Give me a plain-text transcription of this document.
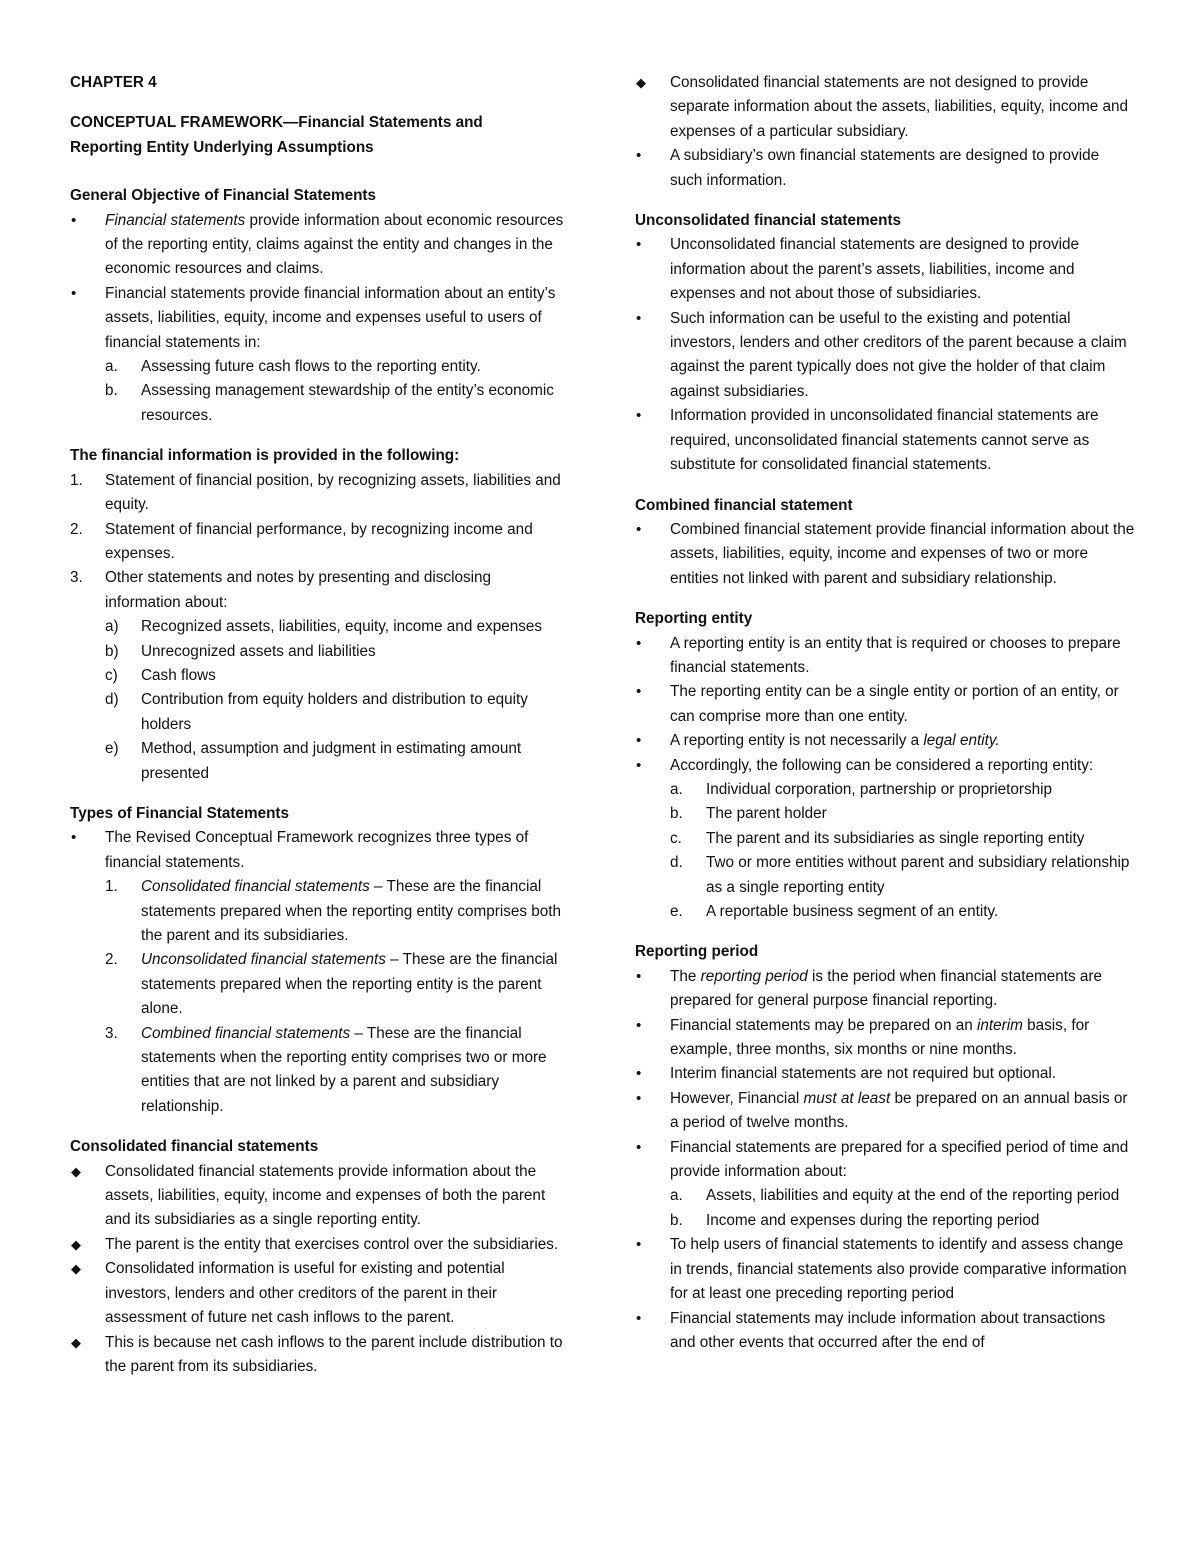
CHAPTER 4

CONCEPTUAL FRAMEWORK—Financial Statements and

Reporting Entity Underlying Assumptions

General Objective of Financial Statements

• Financial statements provide information about economic resources of the reporting entity, claims against the entity and changes in the economic resources and claims.
• Financial statements provide financial information about an entity’s assets, liabilities, equity, income and expenses useful to users of financial statements in:
a.	Assessing future cash flows to the reporting entity.
b.	Assessing management stewardship of the entity’s economic resources.

The financial information is provided in the following:

1.	Statement of financial position, by recognizing assets, liabilities and equity.
2.	Statement of financial performance, by recognizing income and expenses.
3.	Other statements and notes by presenting and disclosing information about:
a)	Recognized assets, liabilities, equity, income and expenses
b)	Unrecognized assets and liabilities
c)	Cash flows
d)	Contribution from equity holders and distribution to equity holders
e)	Method, assumption and judgment in estimating amount presented

Types of Financial Statements

• The Revised Conceptual Framework recognizes three types of financial statements.
1.	Consolidated financial statements – These are the financial statements prepared when the reporting entity comprises both the parent and its subsidiaries.
2.	Unconsolidated financial statements – These are the financial statements prepared when the reporting entity is the parent alone.
3.	Combined financial statements – These are the financial statements when the reporting entity comprises two or more entities that are not linked by a parent and subsidiary relationship.

Consolidated financial statements

◆ Consolidated financial statements provide information about the assets, liabilities, equity, income and expenses of both the parent and its subsidiaries as a single reporting entity.
◆ The parent is the entity that exercises control over the subsidiaries.
◆ Consolidated information is useful for existing and potential investors, lenders and other creditors of the parent in their assessment of future net cash inflows to the parent.
◆ This is because net cash inflows to the parent include distribution to the parent from its subsidiaries.
◆ Consolidated financial statements are not designed to provide separate information about the assets, liabilities, equity, income and expenses of a particular subsidiary.
• A subsidiary’s own financial statements are designed to provide such information.

Unconsolidated financial statements

• Unconsolidated financial statements are designed to provide information about the parent’s assets, liabilities, income and expenses and not about those of subsidiaries.
• Such information can be useful to the existing and potential investors, lenders and other creditors of the parent because a claim against the parent typically does not give the holder of that claim against subsidiaries.
• Information provided in unconsolidated financial statements are required, unconsolidated financial statements cannot serve as substitute for consolidated financial statements.

Combined financial statement

• Combined financial statement provide financial information about the assets, liabilities, equity, income and expenses of two or more entities not linked with parent and subsidiary relationship.

Reporting entity

• A reporting entity is an entity that is required or chooses to prepare financial statements.
• The reporting entity can be a single entity or portion of an entity, or can comprise more than one entity.
• A reporting entity is not necessarily a legal entity.
• Accordingly, the following can be considered a reporting entity:
a.	Individual corporation, partnership or proprietorship
b.	The parent holder
c.	The parent and its subsidiaries as single reporting entity
d.	Two or more entities without parent and subsidiary relationship as a single reporting entity
e.	A reportable business segment of an entity.

Reporting period

• The reporting period is the period when financial statements are prepared for general purpose financial reporting.
• Financial statements may be prepared on an interim basis, for example, three months, six months or nine months.
• Interim financial statements are not required but optional.
• However, Financial must at least be prepared on an annual basis or a period of twelve months.
• Financial statements are prepared for a specified period of time and provide information about:
a.	Assets, liabilities and equity at the end of the reporting period
b.	Income and expenses during the reporting period
• To help users of financial statements to identify and assess change in trends, financial statements also provide comparative information for at least one preceding reporting period
• Financial statements may include information about transactions and other events that occurred after the end of
